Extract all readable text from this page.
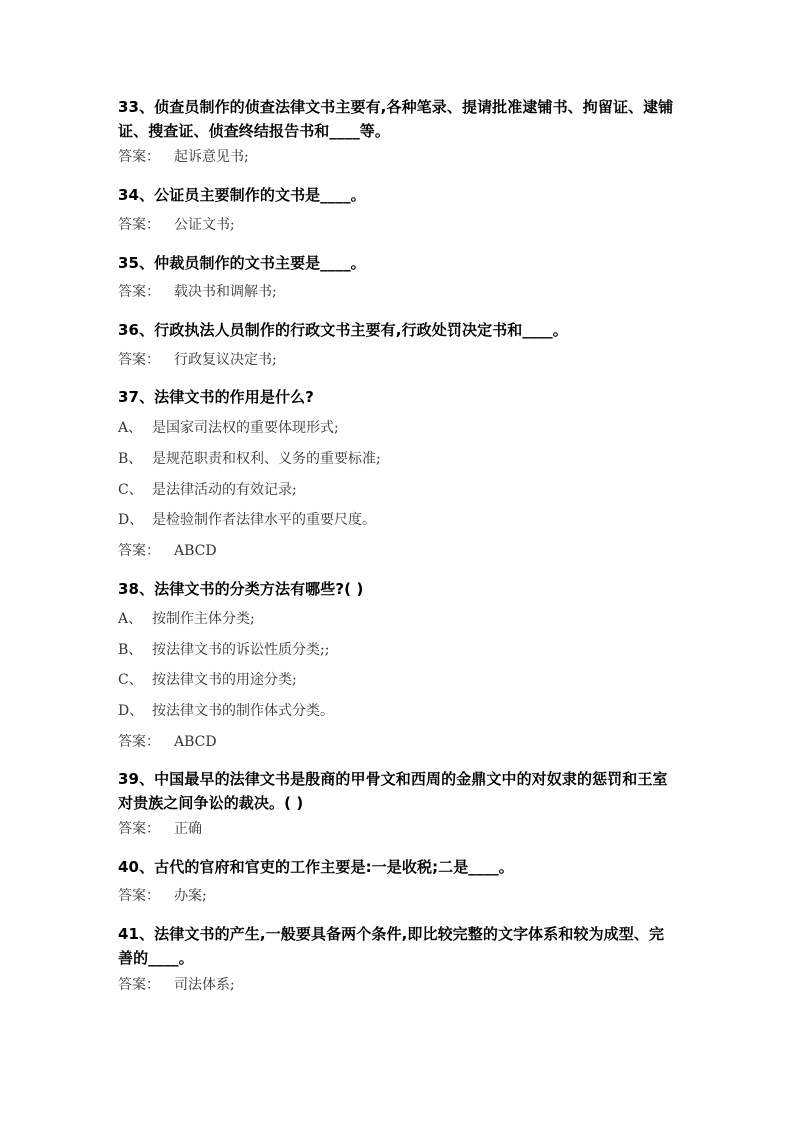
33、侦查员制作的侦查法律文书主要有,各种笔录、提请批准逮铺书、拘留证、逮铺证、搜查证、侦查终结报告书和____等。
答案： 起诉意见书;
34、公证员主要制作的文书是____。
答案： 公证文书;
35、仲裁员制作的文书主要是____。
答案： 载决书和调解书;
36、行政执法人员制作的行政文书主要有,行政处罚决定书和____。
答案： 行政复议决定书;
37、法律文书的作用是什么?
A、 是国家司法权的重要体现形式;
B、 是规范职责和权利、义务的重要标准;
C、 是法律活动的有效记录;
D、 是检验制作者法律水平的重要尺度。
答案： ABCD
38、法律文书的分类方法有哪些?( )
A、 按制作主体分类;
B、 按法律文书的诉讼性质分类;;
C、 按法律文书的用途分类;
D、 按法律文书的制作体式分类。
答案： ABCD
39、中国最早的法律文书是殷商的甲骨文和西周的金鼎文中的对奴隶的惩罚和王室对贵族之间争讼的裁决。( )
答案： 正确
40、古代的官府和官吏的工作主要是:一是收税;二是____。
答案： 办案;
41、法律文书的产生,一般要具备两个条件,即比较完整的文字体系和较为成型、完善的____。
答案： 司法体系;
